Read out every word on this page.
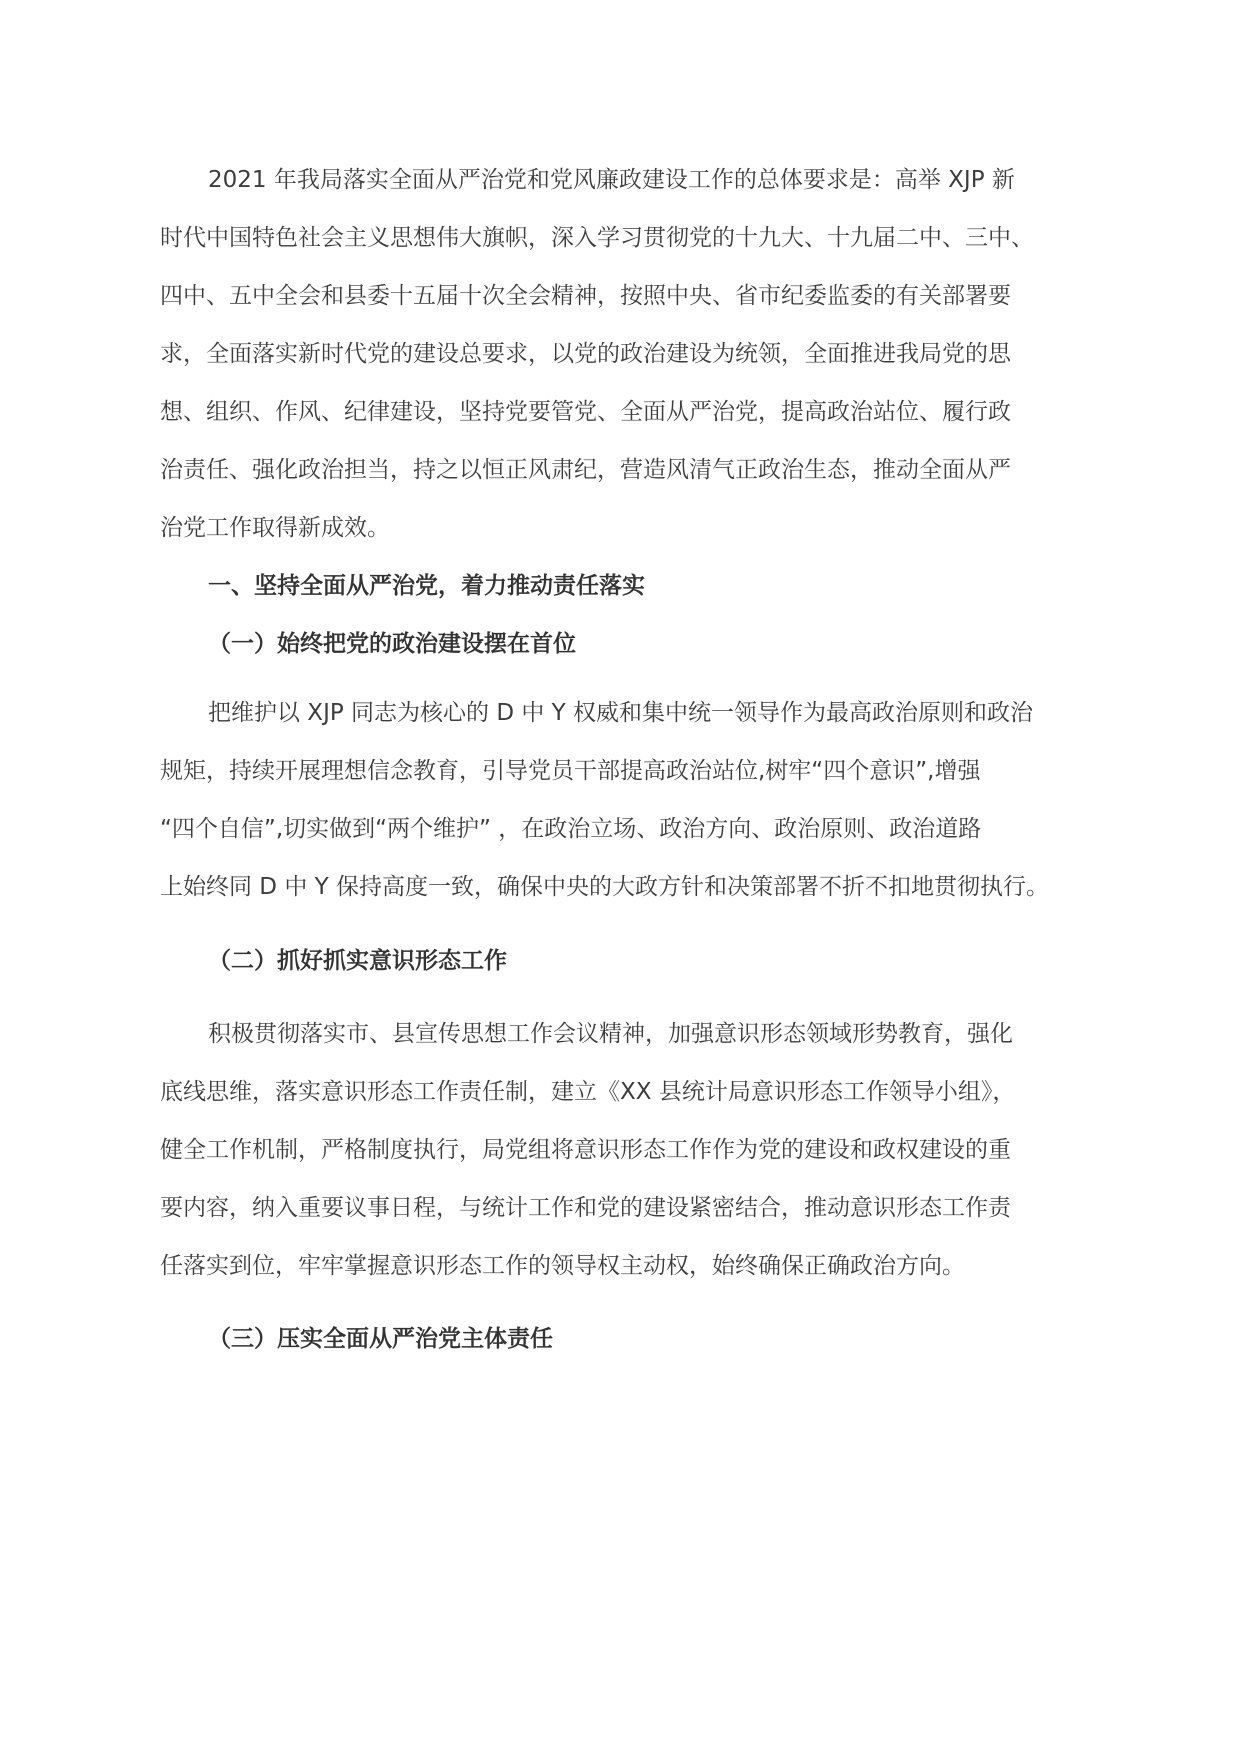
2021 年我局落实全面从严治党和党风廉政建设工作的总体要求是：高举 XJP 新
时代中国特色社会主义思想伟大旗帜，深入学习贯彻党的十九大、十九届二中、三中、
四中、五中全会和县委十五届十次全会精神，按照中央、省市纪委监委的有关部署要
求，全面落实新时代党的建设总要求，以党的政治建设为统领，全面推进我局党的思
想、组织、作风、纪律建设，坚持党要管党、全面从严治党，提高政治站位、履行政
治责任、强化政治担当，持之以恒正风肃纪，营造风清气正政治生态，推动全面从严
治党工作取得新成效。
一、坚持全面从严治党，着力推动责任落实
（一）始终把党的政治建设摆在首位
把维护以 XJP 同志为核心的 D 中 Y 权威和集中统一领导作为最高政治原则和政治
规矩，持续开展理想信念教育，引导党员干部提高政治站位,树牢“四个意识”,增强
“四个自信”,切实做到“两个维护” ，在政治立场、政治方向、政治原则、政治道路
上始终同 D 中 Y 保持高度一致，确保中央的大政方针和决策部署不折不扣地贯彻执行。
（二）抓好抓实意识形态工作
积极贯彻落实市、县宣传思想工作会议精神，加强意识形态领域形势教育，强化
底线思维，落实意识形态工作责任制，建立《XX 县统计局意识形态工作领导小组》，
健全工作机制，严格制度执行，局党组将意识形态工作作为党的建设和政权建设的重
要内容，纳入重要议事日程，与统计工作和党的建设紧密结合，推动意识形态工作责
任落实到位，牢牢掌握意识形态工作的领导权主动权，始终确保正确政治方向。
（三）压实全面从严治党主体责任
